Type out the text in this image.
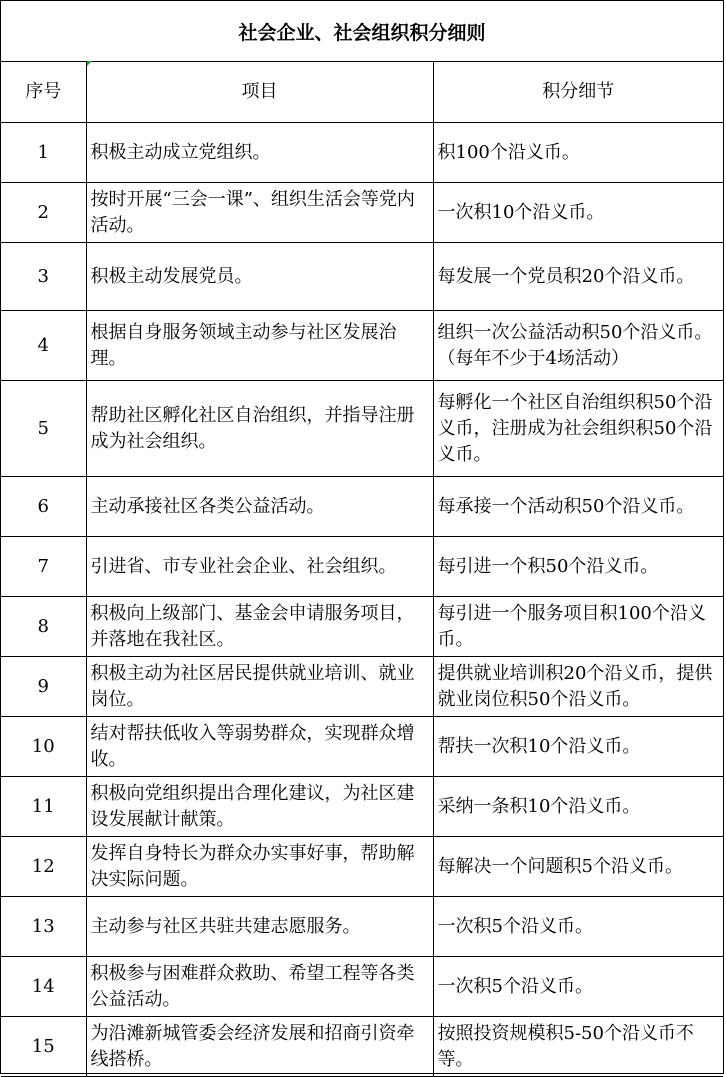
社会企业、社会组织积分细则
序号	项目	积分细节
1	积极主动成立党组织。	积100个沿义币。
2	按时开展“三会一课”、组织生活会等党内活动。	一次积10个沿义币。
3	积极主动发展党员。	每发展一个党员积20个沿义币。
4	根据自身服务领域主动参与社区发展治理。	组织一次公益活动积50个沿义币。　（每年不少于4场活动）
5	帮助社区孵化社区自治组织，并指导注册成为社会组织。	每孵化一个社区自治组织积50个沿义币，注册成为社会组织积50个沿义币。
6	主动承接社区各类公益活动。	每承接一个活动积50个沿义币。
7	引进省、市专业社会企业、社会组织。	每引进一个积50个沿义币。
8	积极向上级部门、基金会申请服务项目，并落地在我社区。	每引进一个服务项目积100个沿义币。
9	积极主动为社区居民提供就业培训、就业岗位。	提供就业培训积20个沿义币，提供就业岗位积50个沿义币。
10	结对帮扶低收入等弱势群众，实现群众增收。	帮扶一次积10个沿义币。
11	积极向党组织提出合理化建议，为社区建设发展献计献策。	采纳一条积10个沿义币。
12	发挥自身特长为群众办实事好事，帮助解决实际问题。	每解决一个问题积5个沿义币。
13	主动参与社区共驻共建志愿服务。	一次积5个沿义币。
14	积极参与困难群众救助、希望工程等各类公益活动。	一次积5个沿义币。
15	为沿滩新城管委会经济发展和招商引资牵线搭桥。	按照投资规模积5-50个沿义币不等。
